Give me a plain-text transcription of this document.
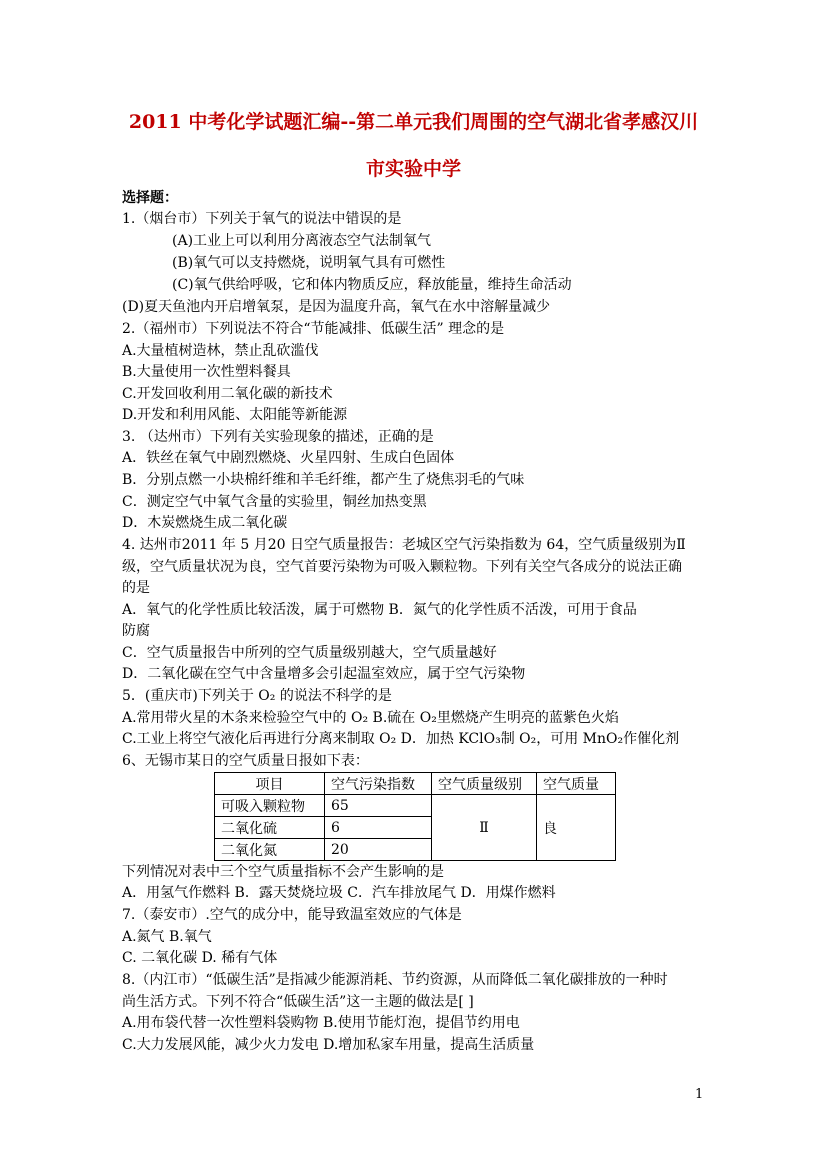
2011 中考化学试题汇编--第二单元我们周围的空气湖北省孝感汉川
市实验中学
选择题：
1.（烟台市）下列关于氧气的说法中错误的是
(A)工业上可以利用分离液态空气法制氧气
(B)氧气可以支持燃烧，说明氧气具有可燃性
(C)氧气供给呼吸，它和体内物质反应，释放能量，维持生命活动
(D)夏天鱼池内开启增氧泵，是因为温度升高，氧气在水中溶解量减少
2.（福州市）下列说法不符合“节能减排、低碳生活” 理念的是
A.大量植树造林，禁止乱砍滥伐
B.大量使用一次性塑料餐具
C.开发回收利用二氧化碳的新技术
D.开发和利用风能、太阳能等新能源
3. （达州市）下列有关实验现象的描述，正确的是
A．铁丝在氧气中剧烈燃烧、火星四射、生成白色固体
B．分别点燃一小块棉纤维和羊毛纤维，都产生了烧焦羽毛的气味
C．测定空气中氧气含量的实验里，铜丝加热变黑
D．木炭燃烧生成二氧化碳
4. 达州市2011 年 5 月20 日空气质量报告：老城区空气污染指数为 64，空气质量级别为Ⅱ
级，空气质量状况为良，空气首要污染物为可吸入颗粒物。下列有关空气各成分的说法正确
的是
A．氧气的化学性质比较活泼，属于可燃物 B．氮气的化学性质不活泼，可用于食品
防腐
C．空气质量报告中所列的空气质量级别越大，空气质量越好
D．二氧化碳在空气中含量增多会引起温室效应，属于空气污染物
5．(重庆市)下列关于 O₂ 的说法不科学的是
A.常用带火星的木条来检验空气中的 O₂ B.硫在 O₂里燃烧产生明亮的蓝紫色火焰
C.工业上将空气液化后再进行分离来制取 O₂ D．加热 KClO₃制 O₂，可用 MnO₂作催化剂
6、无锡市某日的空气质量日报如下表：
项目	空气污染指数	空气质量级别	空气质量
可吸入颗粒物	65	Ⅱ	良
二氧化硫	6		
二氧化氮	20		
下列情况对表中三个空气质量指标不会产生影响的是
A．用氢气作燃料 B．露天焚烧垃圾 C．汽车排放尾气 D．用煤作燃料
7.（泰安市）.空气的成分中，能导致温室效应的气体是
A.氮气 B.氧气
C. 二氧化碳 D. 稀有气体
8.（内江市）“低碳生活”是指减少能源消耗、节约资源，从而降低二氧化碳排放的一种时
尚生活方式。下列不符合“低碳生活”这一主题的做法是[ ]
A.用布袋代替一次性塑料袋购物 B.使用节能灯泡，提倡节约用电
C.大力发展风能，减少火力发电 D.增加私家车用量，提高生活质量
1
